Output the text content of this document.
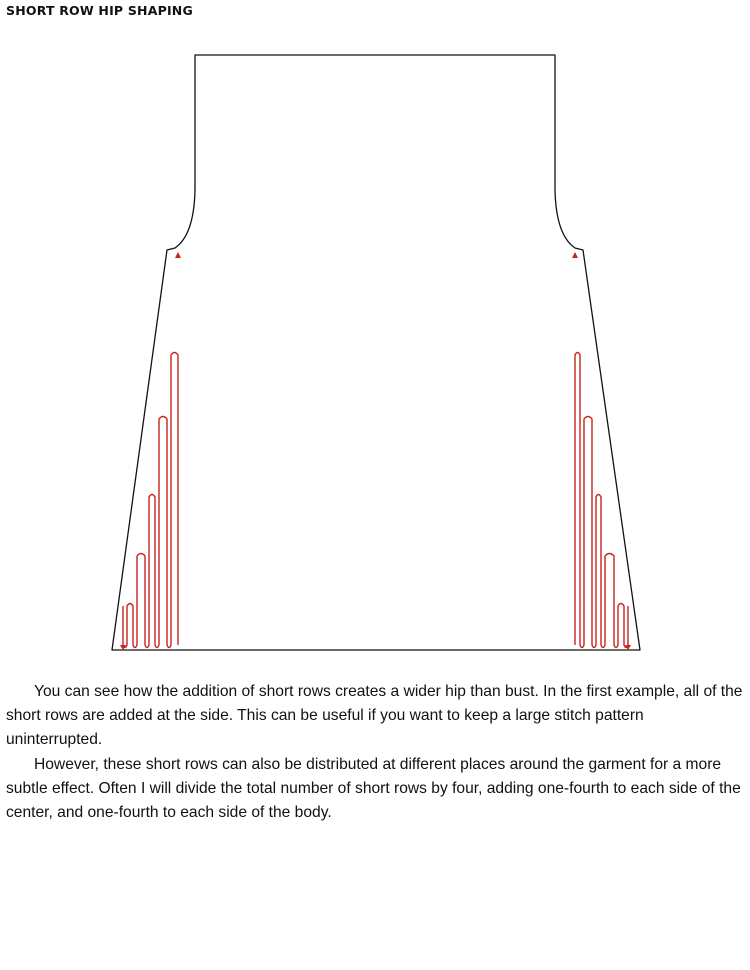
SHORT ROW HIP SHAPING

You can see how the addition of short rows creates a wider hip than bust. In the first example, all of the short rows are added at the side. This can be useful if you want to keep a large stitch pattern uninterrupted.

However, these short rows can also be distributed at different places around the garment for a more subtle effect. Often I will divide the total number of short rows by four, adding one-fourth to each side of the center, and one-fourth to each side of the body.
